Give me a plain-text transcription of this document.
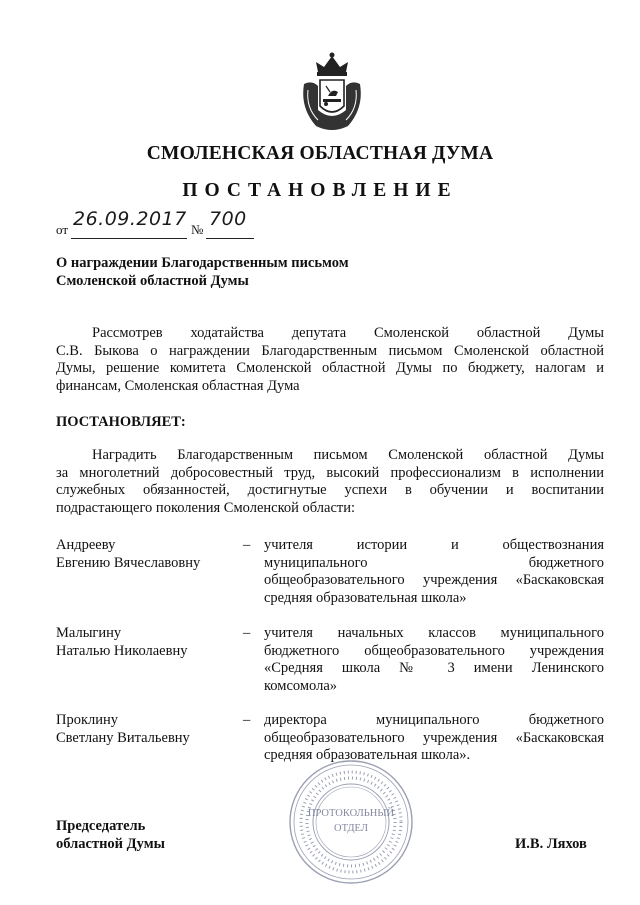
СМОЛЕНСКАЯ ОБЛАСТНАЯ ДУМА
ПОСТАНОВЛЕНИЕ
от 26.09.2017 № 700
О награждении Благодарственным письмом
Смоленской областной Думы
Рассмотрев ходатайства депутата Смоленской областной Думы
С.В. Быкова о награждении Благодарственным письмом Смоленской областной
Думы, решение комитета Смоленской областной Думы по бюджету, налогам и
финансам, Смоленская областная Дума
ПОСТАНОВЛЯЕТ:
Наградить Благодарственным письмом Смоленской областной Думы
за многолетний добросовестный труд, высокий профессионализм в исполнении
служебных обязанностей, достигнутые успехи в обучении и воспитании
подрастающего поколения Смоленской области:
Андрееву
Евгению Вячеславовну
– учителя истории и обществознания
муниципального бюджетного
общеобразовательного учреждения «Баскаковская
средняя образовательная школа»
Малыгину
Наталью Николаевну
– учителя начальных классов муниципального
бюджетного общеобразовательного учреждения
«Средняя школа № 3 имени Ленинского
комсомола»
Проклину
Светлану Витальевну
– директора муниципального бюджетного
общеобразовательного учреждения «Баскаковская
средняя образовательная школа».
ПРОТОКОЛЬНЫЙ
ОТДЕЛ
Председатель
областной Думы	И.В. Ляхов
